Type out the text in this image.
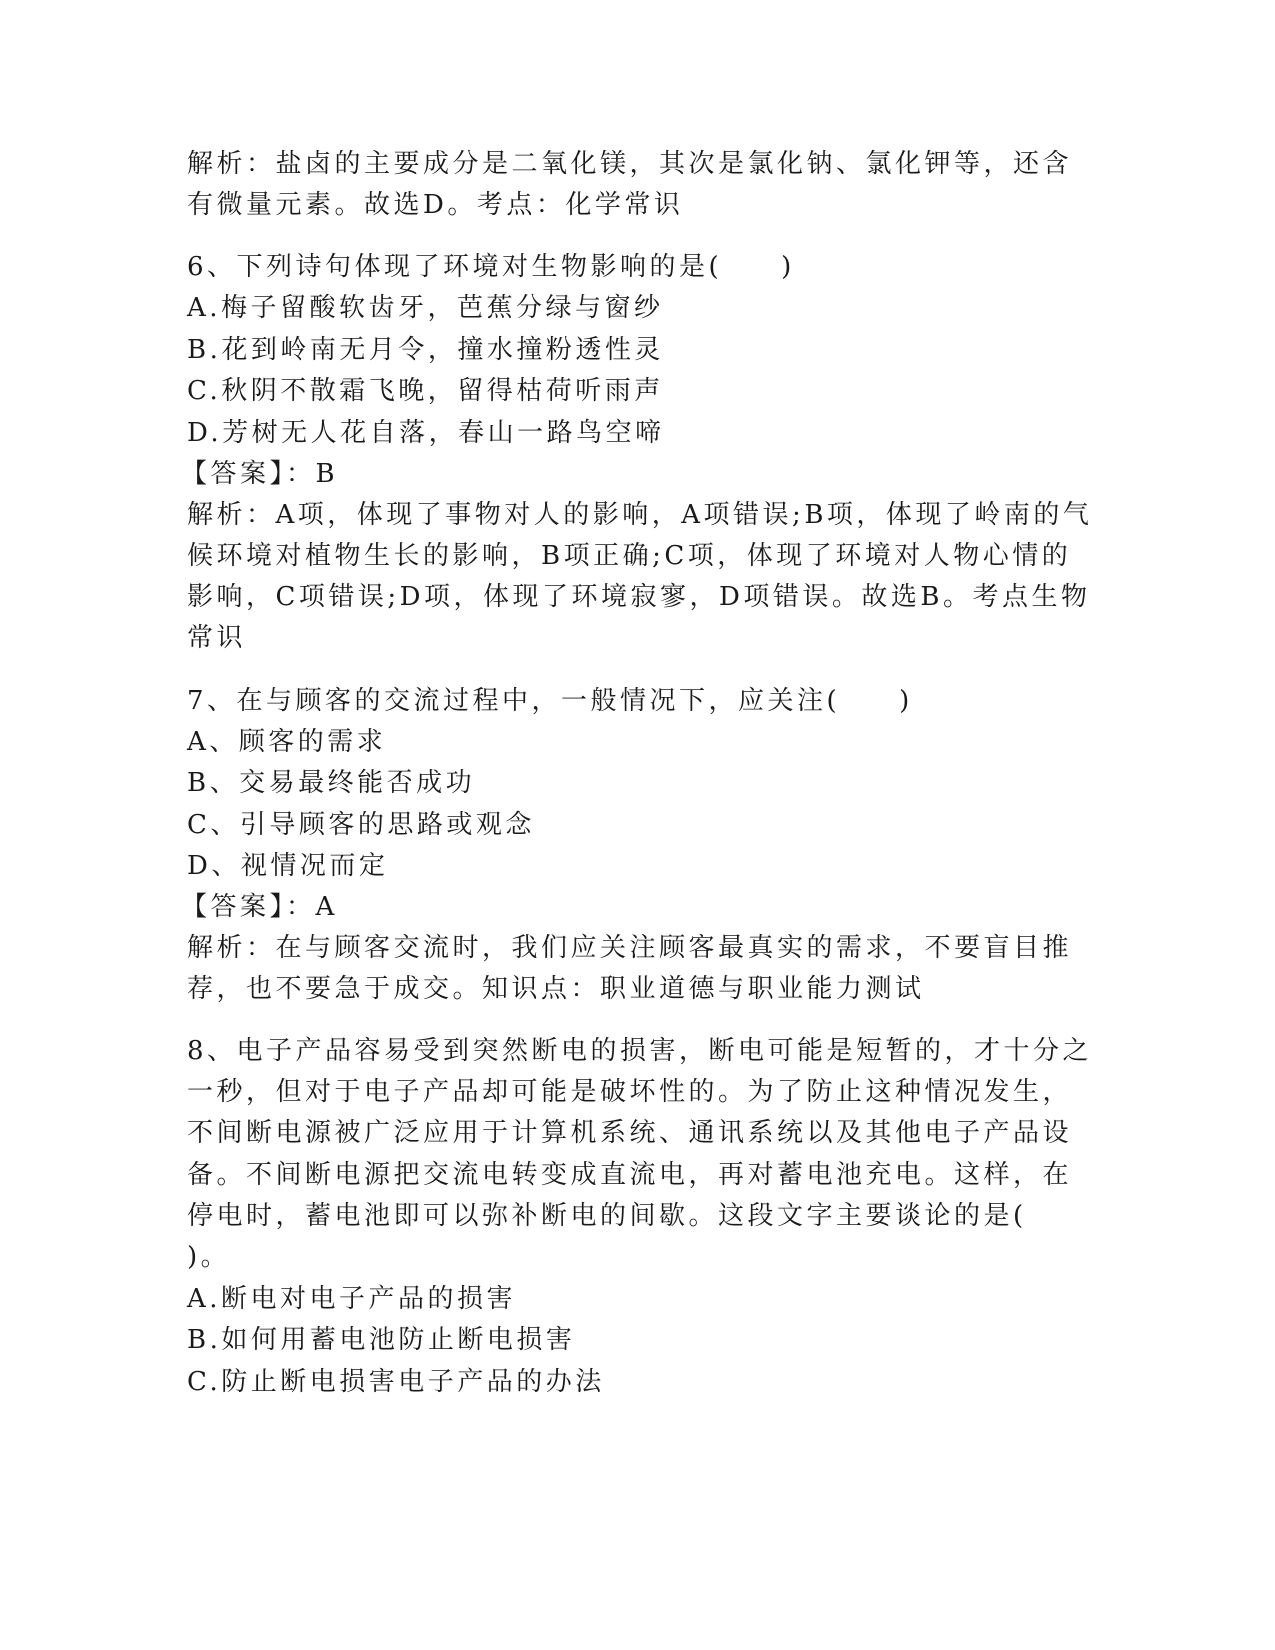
解析：盐卤的主要成分是二氧化镁，其次是氯化钠、氯化钾等，还含
有微量元素。故选D。考点：化学常识
6、下列诗句体现了环境对生物影响的是(　　)
A.梅子留酸软齿牙，芭蕉分绿与窗纱
B.花到岭南无月令，撞水撞粉透性灵
C.秋阴不散霜飞晚，留得枯荷听雨声
D.芳树无人花自落，春山一路鸟空啼
【答案】：B
解析：A项，体现了事物对人的影响，A项错误;B项，体现了岭南的气
候环境对植物生长的影响，B项正确;C项，体现了环境对人物心情的
影响，C项错误;D项，体现了环境寂寥，D项错误。故选B。考点生物
常识
7、在与顾客的交流过程中，一般情况下，应关注(　　)
A、顾客的需求
B、交易最终能否成功
C、引导顾客的思路或观念
D、视情况而定
【答案】：A
解析：在与顾客交流时，我们应关注顾客最真实的需求，不要盲目推
荐，也不要急于成交。知识点：职业道德与职业能力测试
8、电子产品容易受到突然断电的损害，断电可能是短暂的，才十分之
一秒，但对于电子产品却可能是破坏性的。为了防止这种情况发生，
不间断电源被广泛应用于计算机系统、通讯系统以及其他电子产品设
备。不间断电源把交流电转变成直流电，再对蓄电池充电。这样，在
停电时，蓄电池即可以弥补断电的间歇。这段文字主要谈论的是(
)。
A.断电对电子产品的损害
B.如何用蓄电池防止断电损害
C.防止断电损害电子产品的办法
